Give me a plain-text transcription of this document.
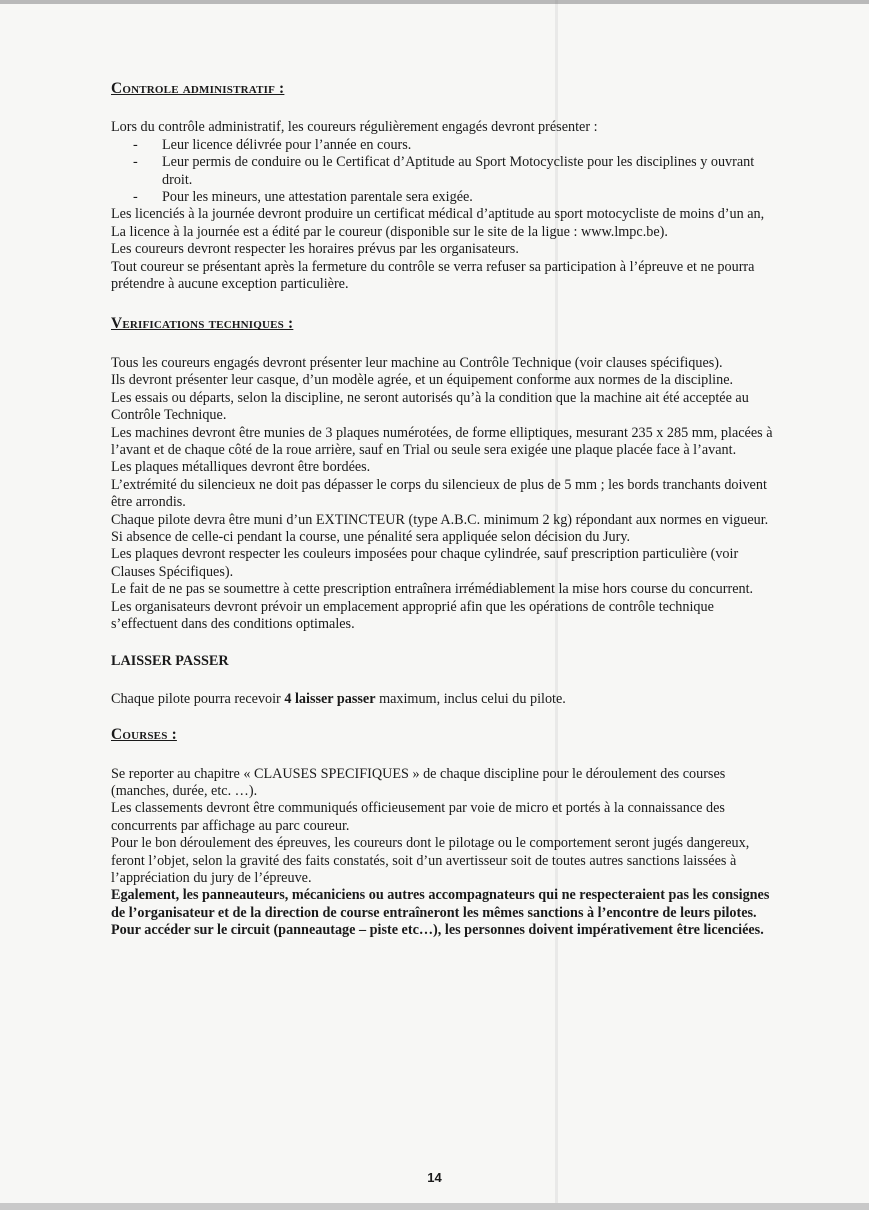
Controle administratif :

Lors du contrôle administratif, les coureurs régulièrement engagés devront présenter :

- Leur licence délivrée pour l’année en cours.
- Leur permis de conduire ou le Certificat d’Aptitude au Sport Motocycliste pour les disciplines y ouvrant droit.
- Pour les mineurs, une attestation parentale sera exigée.

Les licenciés à la journée devront produire un certificat médical d’aptitude au sport motocycliste de moins d’un an,

La licence à la journée est a édité par le coureur (disponible sur le site de la ligue : www.lmpc.be).

Les coureurs devront respecter les horaires prévus par les organisateurs.

Tout coureur se présentant après la fermeture du contrôle se verra refuser sa participation à l’épreuve et ne pourra prétendre à aucune exception particulière.

Verifications techniques :

Tous les coureurs engagés devront présenter leur machine au Contrôle Technique (voir clauses spécifiques).

Ils devront présenter leur casque, d’un modèle agrée, et un équipement conforme aux normes de la discipline.

Les essais ou départs, selon la discipline, ne seront autorisés qu’à la condition que la machine ait été acceptée au Contrôle Technique.

Les machines devront être munies de 3 plaques numérotées, de forme elliptiques, mesurant 235 x 285 mm, placées à l’avant et de chaque côté de la roue arrière, sauf en Trial ou seule sera exigée une plaque placée face à l’avant.

Les plaques métalliques devront être bordées.

L’extrémité du silencieux ne doit pas dépasser le corps du silencieux de plus de 5 mm ; les bords tranchants doivent être arrondis.

Chaque pilote devra être muni d’un EXTINCTEUR (type A.B.C. minimum 2 kg) répondant aux normes en vigueur. Si absence de celle-ci pendant la course, une pénalité sera appliquée selon décision du Jury.

Les plaques devront respecter les couleurs imposées pour chaque cylindrée, sauf prescription particulière (voir Clauses Spécifiques).

Le fait de ne pas se soumettre à cette prescription entraînera irrémédiablement la mise hors course du concurrent.

Les organisateurs devront prévoir un emplacement approprié afin que les opérations de contrôle technique s’effectuent dans des conditions optimales.

LAISSER PASSER

Chaque pilote pourra recevoir 4 laisser passer maximum, inclus celui du pilote.

Courses :

Se reporter au chapitre « CLAUSES SPECIFIQUES » de chaque discipline pour le déroulement des courses (manches, durée, etc. …).

Les classements devront être communiqués officieusement par voie de micro et portés à la connaissance des concurrents par affichage au parc coureur.

Pour le bon déroulement des épreuves, les coureurs dont le pilotage ou le comportement seront jugés dangereux, feront l’objet, selon la gravité des faits constatés, soit d’un avertisseur soit de toutes autres sanctions laissées à l’appréciation du jury de l’épreuve.

Egalement, les panneauteurs, mécaniciens ou autres accompagnateurs qui ne respecteraient pas les consignes de l’organisateur et de la direction de course entraîneront les mêmes sanctions à l’encontre de leurs pilotes.

Pour accéder sur le circuit (panneautage – piste etc…), les personnes doivent impérativement être licenciées.

14
